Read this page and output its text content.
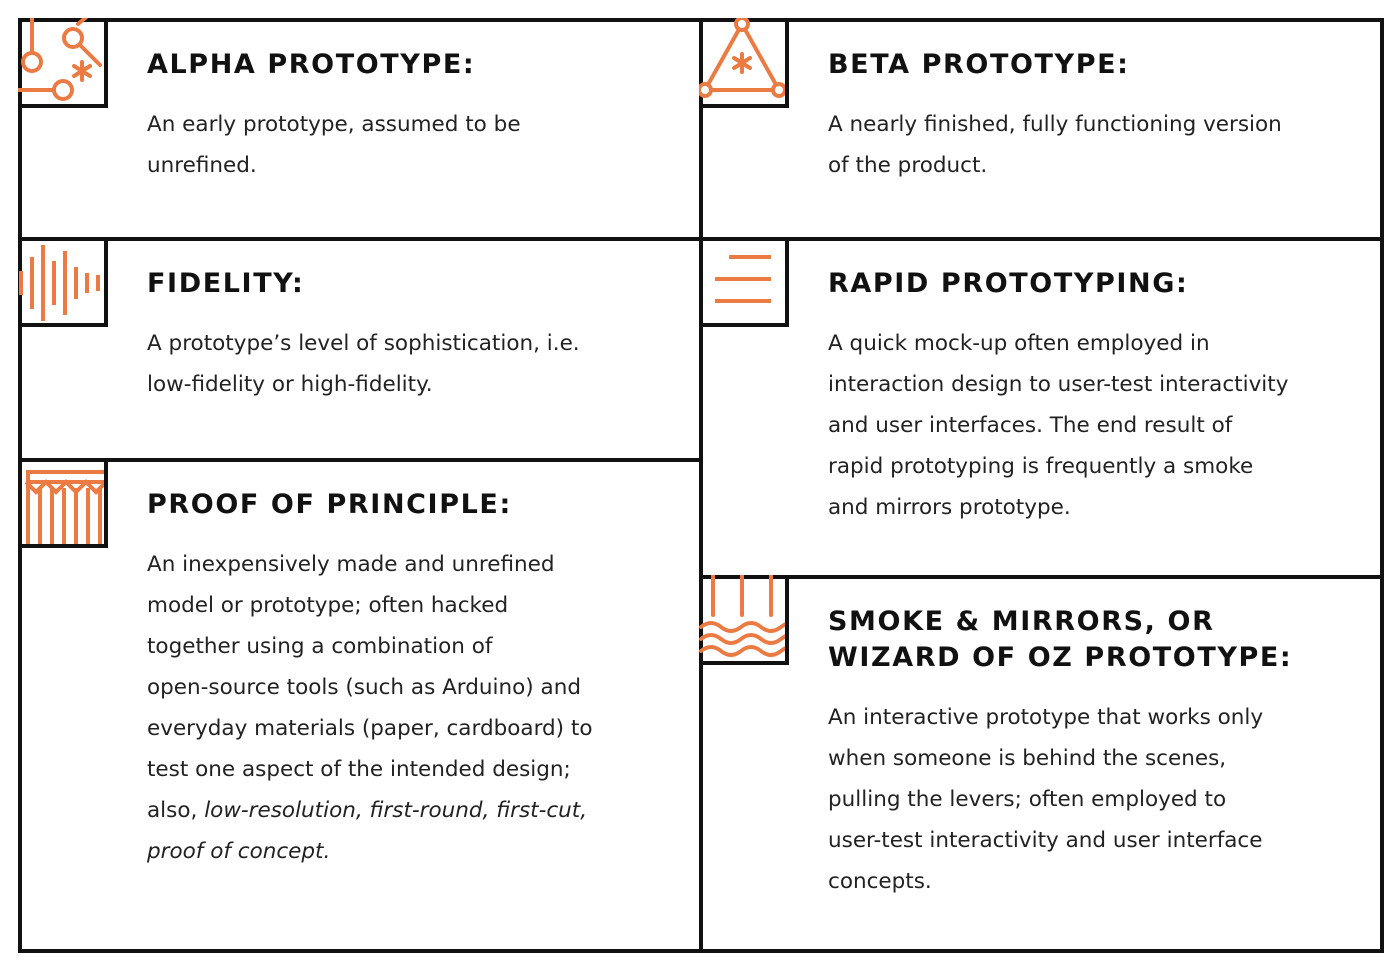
ALPHA PROTOTYPE:

An early prototype, assumed to be
unrefined.

BETA PROTOTYPE:

A nearly finished, fully functioning version
of the product.

FIDELITY:

A prototype’s level of sophistication, i.e.
low-fidelity or high-fidelity.

RAPID PROTOTYPING:

A quick mock-up often employed in
interaction design to user-test interactivity
and user interfaces. The end result of
rapid prototyping is frequently a smoke
and mirrors prototype.

PROOF OF PRINCIPLE:

An inexpensively made and unrefined
model or prototype; often hacked
together using a combination of
open-source tools (such as Arduino) and
everyday materials (paper, cardboard) to
test one aspect of the intended design;
also, low-resolution, first-round, first-cut,
proof of concept.

SMOKE & MIRRORS, OR
WIZARD OF OZ PROTOTYPE:

An interactive prototype that works only
when someone is behind the scenes,
pulling the levers; often employed to
user-test interactivity and user interface
concepts.
